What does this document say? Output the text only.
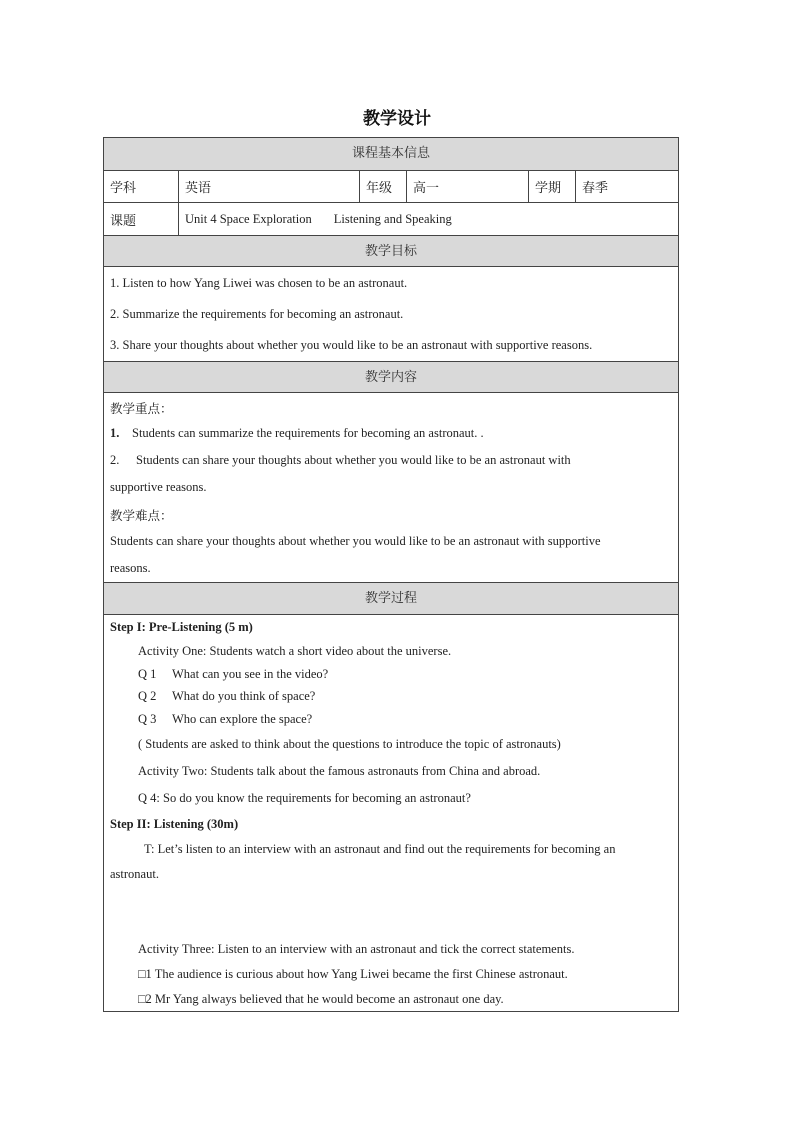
教学设计
课程基本信息
学科	英语	年级	高一	学期	春季
课题	Unit 4 Space Exploration Listening and Speaking
教学目标
1. Listen to how Yang Liwei was chosen to be an astronaut.
2. Summarize the requirements for becoming an astronaut.
3. Share your thoughts about whether you would like to be an astronaut with supportive reasons.
教学内容
教学重点：
1. Students can summarize the requirements for becoming an astronaut. .
2. Students can share your thoughts about whether you would like to be an astronaut with
supportive reasons.
教学难点：
Students can share your thoughts about whether you would like to be an astronaut with supportive
reasons.
教学过程
Step I: Pre-Listening (5 m)
Activity One: Students watch a short video about the universe.
Q 1 What can you see in the video?
Q 2 What do you think of space?
Q 3 Who can explore the space?
( Students are asked to think about the questions to introduce the topic of astronauts)
Activity Two: Students talk about the famous astronauts from China and abroad.
Q 4: So do you know the requirements for becoming an astronaut?
Step II: Listening (30m)
T: Let’s listen to an interview with an astronaut and find out the requirements for becoming an
astronaut.
Activity Three: Listen to an interview with an astronaut and tick the correct statements.
□1 The audience is curious about how Yang Liwei became the first Chinese astronaut.
□2 Mr Yang always believed that he would become an astronaut one day.
